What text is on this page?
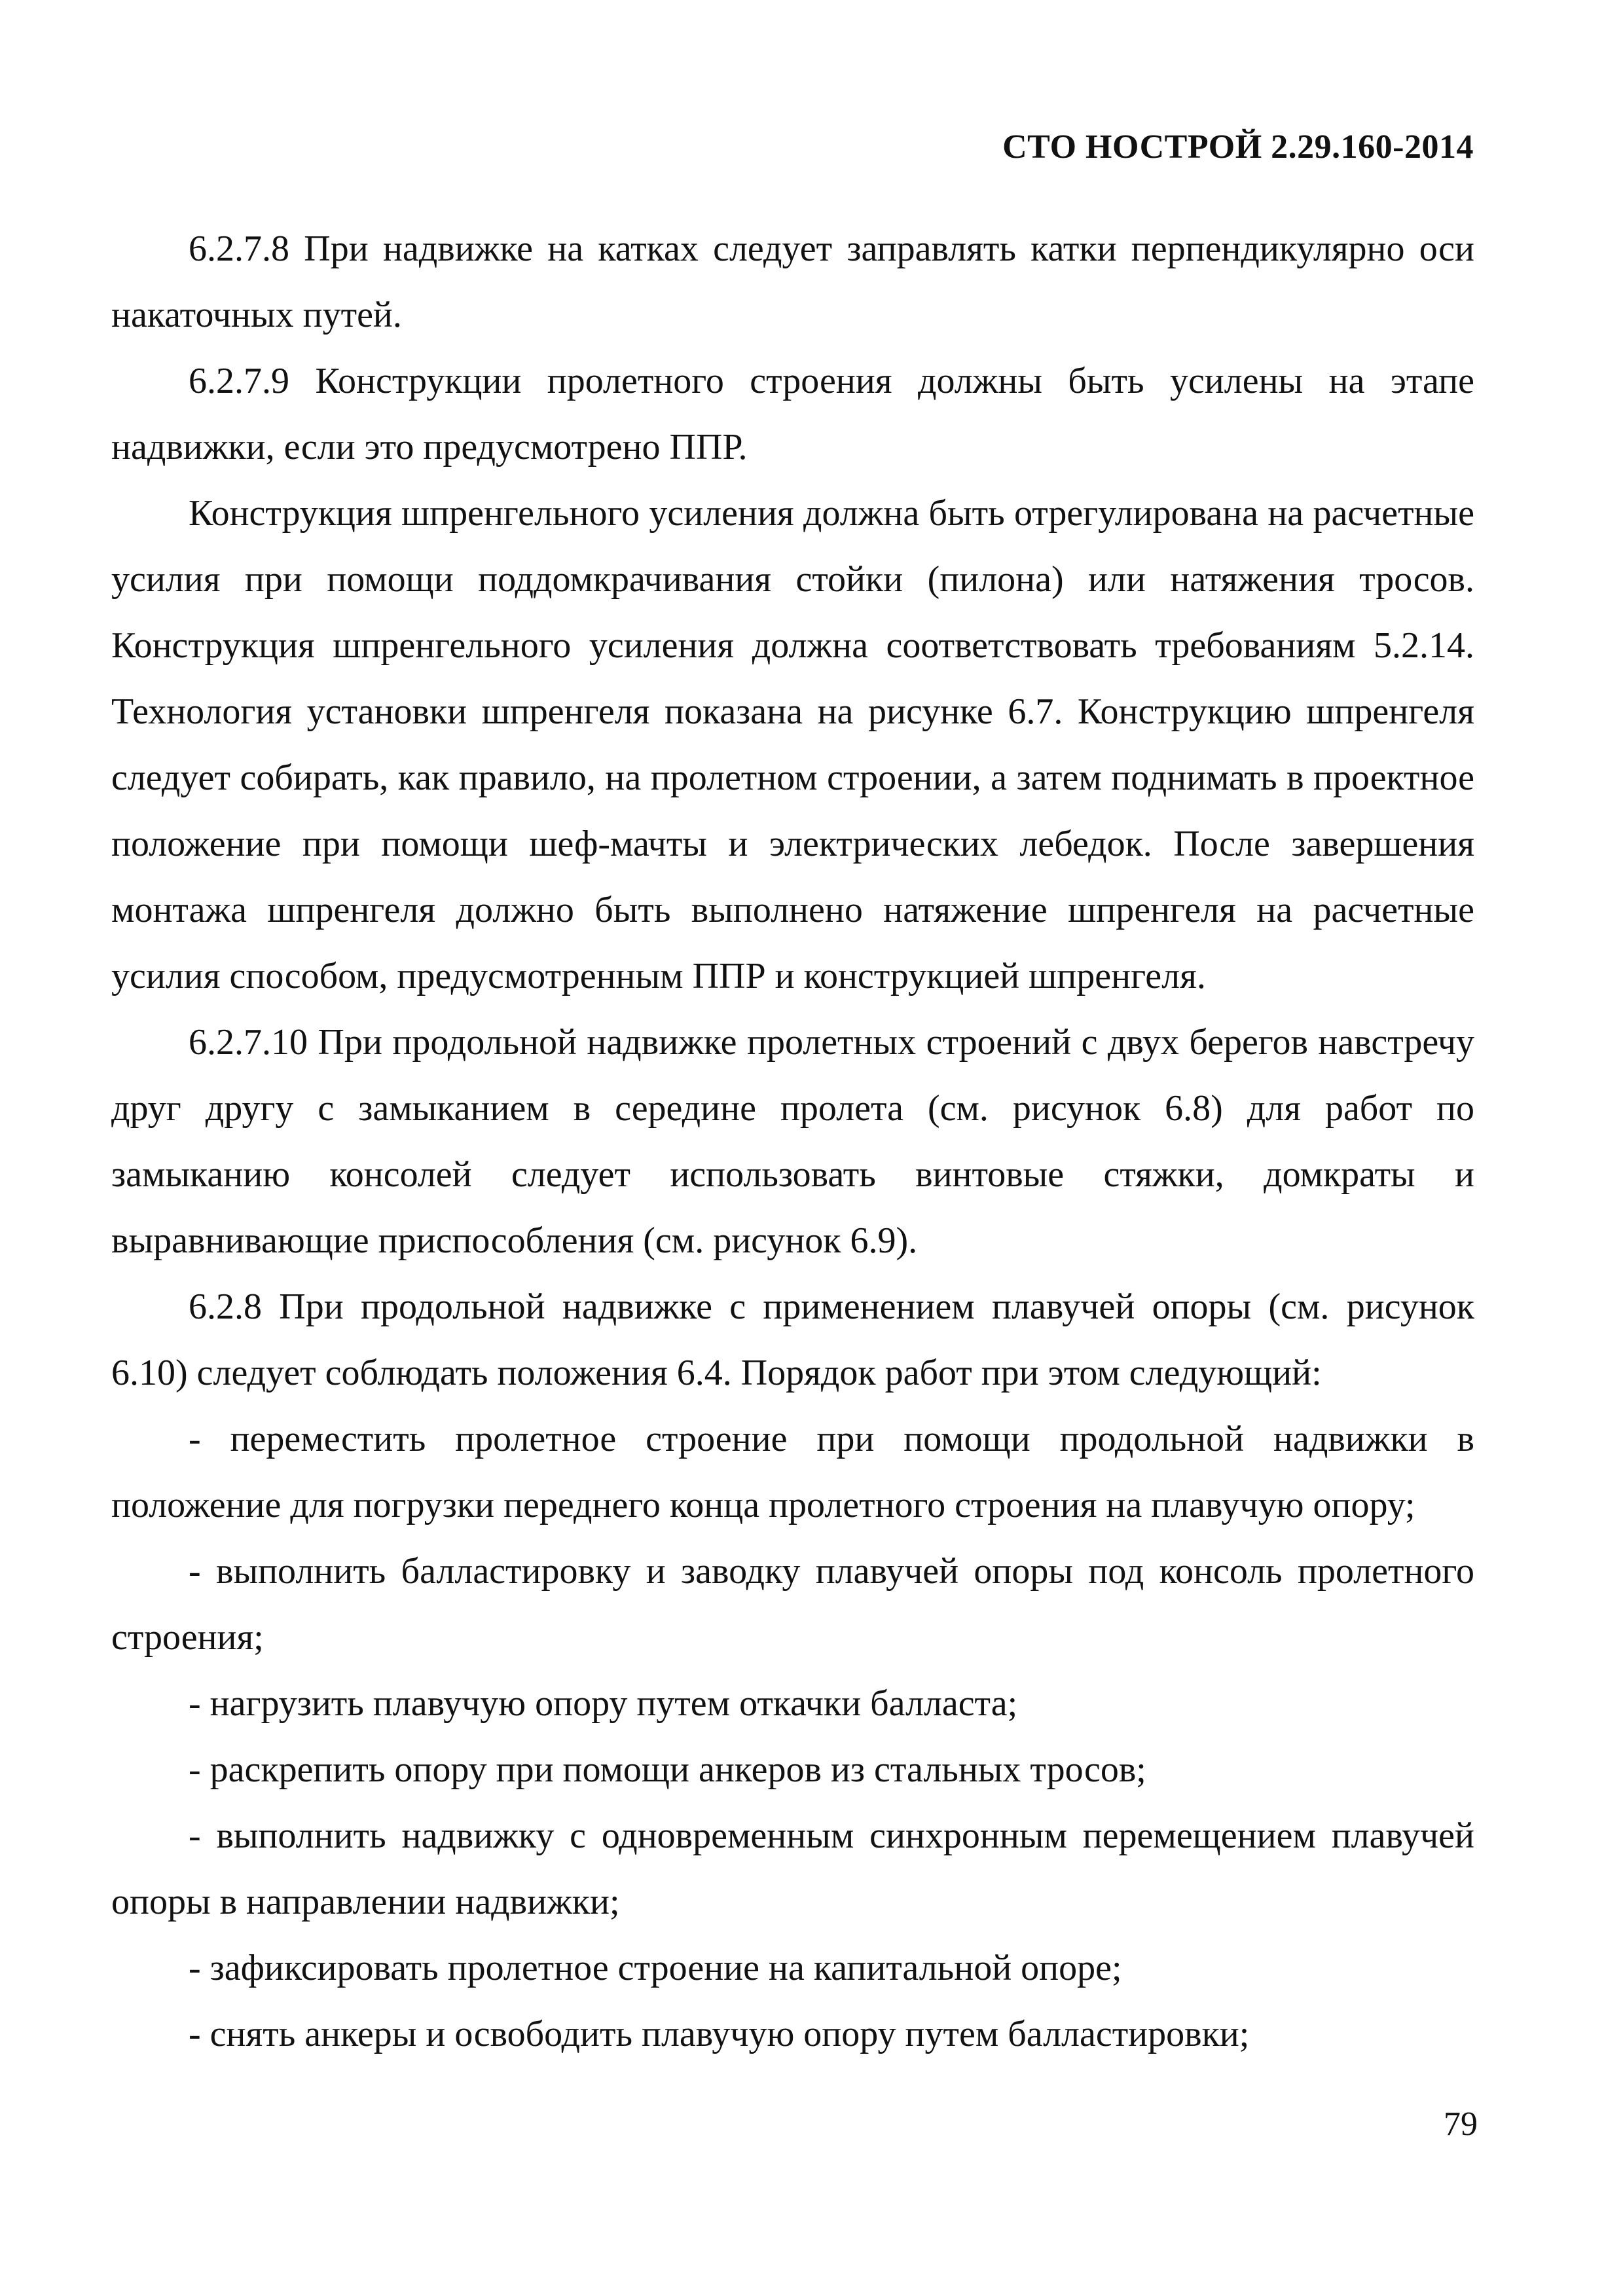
СТО НОСТРОЙ 2.29.160-2014

6.2.7.8 При надвижке на катках следует заправлять катки перпендикулярно оси накаточных путей.

6.2.7.9 Конструкции пролетного строения должны быть усилены на этапе надвижки, если это предусмотрено ППР.

Конструкция шпренгельного усиления должна быть отрегулирована на расчетные усилия при помощи поддомкрачивания стойки (пилона) или натяжения тросов. Конструкция шпренгельного усиления должна соответствовать требованиям 5.2.14. Технология установки шпренгеля показана на рисунке 6.7. Конструкцию шпренгеля следует собирать, как правило, на пролетном строении, а затем поднимать в проектное положение при помощи шеф-мачты и электрических лебедок. После завершения монтажа шпренгеля должно быть выполнено натяжение шпренгеля на расчетные усилия способом, предусмотренным ППР и конструкцией шпренгеля.

6.2.7.10 При продольной надвижке пролетных строений с двух берегов навстречу друг другу с замыканием в середине пролета (см. рисунок 6.8) для работ по замыканию консолей следует использовать винтовые стяжки, домкраты и выравнивающие приспособления (см. рисунок 6.9).

6.2.8 При продольной надвижке с применением плавучей опоры (см. рисунок 6.10) следует соблюдать положения 6.4. Порядок работ при этом следующий:

- переместить пролетное строение при помощи продольной надвижки в положение для погрузки переднего конца пролетного строения на плавучую опору;

- выполнить балластировку и заводку плавучей опоры под консоль пролетного строения;

- нагрузить плавучую опору путем откачки балласта;

- раскрепить опору при помощи анкеров из стальных тросов;

- выполнить надвижку с одновременным синхронным перемещением плавучей опоры в направлении надвижки;

- зафиксировать пролетное строение на капитальной опоре;

- снять анкеры и освободить плавучую опору путем балластировки;

79
